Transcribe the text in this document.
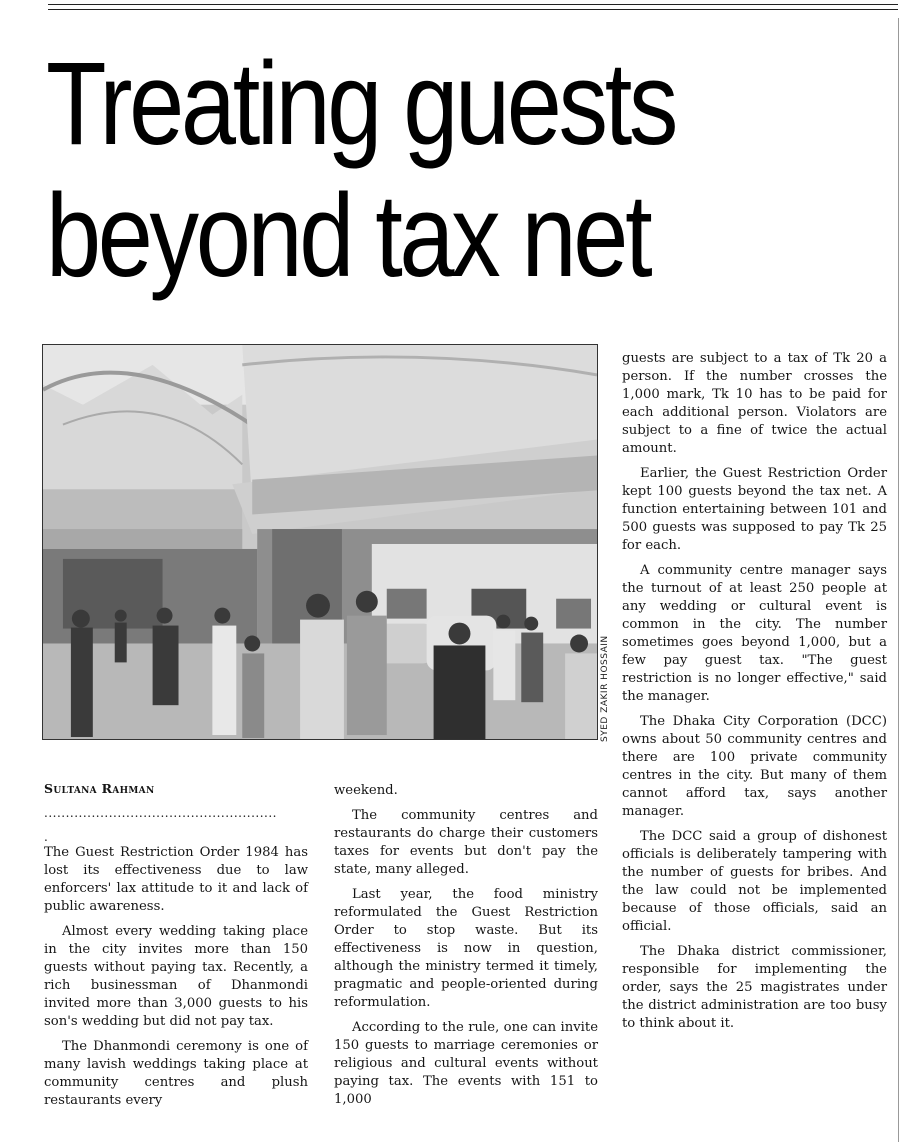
Treating guests
beyond tax net
SYED ZAKIR HOSSAIN
Sultana Rahman
......................................................
.

The Guest Restriction Order 1984 has lost its effectiveness due to law enforcers' lax attitude to it and lack of public awareness.

Almost every wedding taking place in the city invites more than 150 guests without paying tax. Recently, a rich businessman of Dhanmondi invited more than 3,000 guests to his son's wedding but did not pay tax.

The Dhanmondi ceremony is one of many lavish weddings taking place at community centres and plush restaurants every

weekend.

The community centres and restaurants do charge their customers taxes for events but don't pay the state, many alleged.

Last year, the food ministry reformulated the Guest Restriction Order to stop waste. But its effectiveness is now in question, although the ministry termed it timely, pragmatic and people-oriented during reformulation.

According to the rule, one can invite 150 guests to marriage ceremonies or religious and cultural events without paying tax. The events with 151 to 1,000

guests are subject to a tax of Tk 20 a person. If the number crosses the 1,000 mark, Tk 10 has to be paid for each additional person. Violators are subject to a fine of twice the actual amount.

Earlier, the Guest Restriction Order kept 100 guests beyond the tax net. A function entertaining between 101 and 500 guests was supposed to pay Tk 25 for each.

A community centre manager says the turnout of at least 250 people at any wedding or cultural event is common in the city. The number sometimes goes beyond 1,000, but a few pay guest tax. "The guest restriction is no longer effective," said the manager.

The Dhaka City Corporation (DCC) owns about 50 community centres and there are 100 private community centres in the city. But many of them cannot afford tax, says another manager.

The DCC said a group of dishonest officials is deliberately tampering with the number of guests for bribes. And the law could not be implemented because of those officials, said an official.

The Dhaka district commissioner, responsible for implementing the order, says the 25 magistrates under the district administration are too busy to think about it.
